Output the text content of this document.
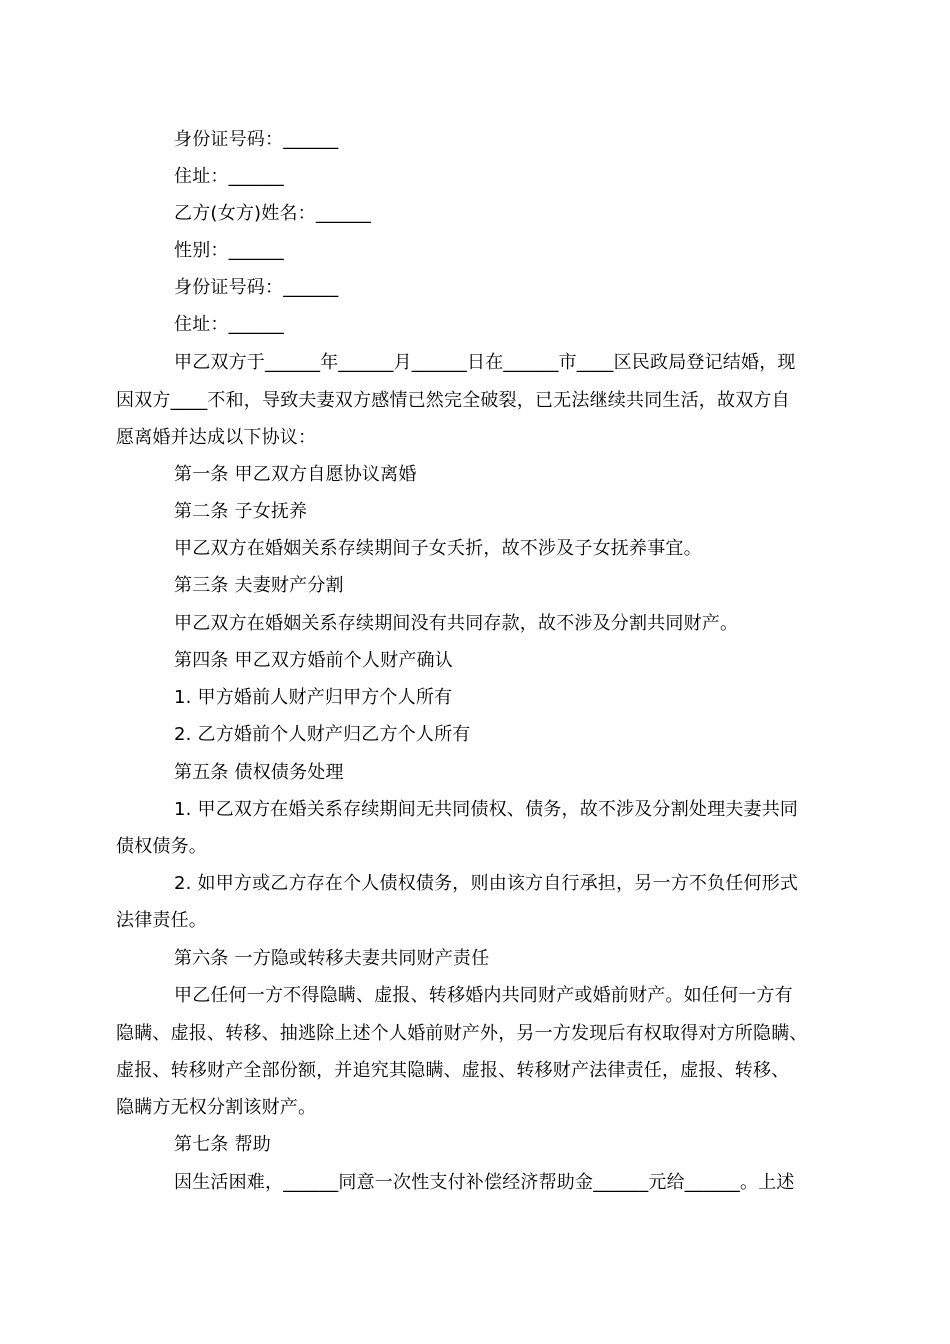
身份证号码：______
住址：______
乙方(女方)姓名：______
性别：______
身份证号码：______
住址：______
甲乙双方于______年______月______日在______市____区民政局登记结婚，现
因双方____不和，导致夫妻双方感情已然完全破裂，已无法继续共同生活，故双方自
愿离婚并达成以下协议：
第一条 甲乙双方自愿协议离婚
第二条 子女抚养
甲乙双方在婚姻关系存续期间子女夭折，故不涉及子女抚养事宜。
第三条 夫妻财产分割
甲乙双方在婚姻关系存续期间没有共同存款，故不涉及分割共同财产。
第四条 甲乙双方婚前个人财产确认
1. 甲方婚前人财产归甲方个人所有
2. 乙方婚前个人财产归乙方个人所有
第五条 债权债务处理
1. 甲乙双方在婚关系存续期间无共同债权、债务，故不涉及分割处理夫妻共同
债权债务。
2. 如甲方或乙方存在个人债权债务，则由该方自行承担，另一方不负任何形式
法律责任。
第六条 一方隐或转移夫妻共同财产责任
甲乙任何一方不得隐瞒、虚报、转移婚内共同财产或婚前财产。如任何一方有
隐瞒、虚报、转移、抽逃除上述个人婚前财产外，另一方发现后有权取得对方所隐瞒、
虚报、转移财产全部份额，并追究其隐瞒、虚报、转移财产法律责任，虚报、转移、
隐瞒方无权分割该财产。
第七条 帮助
因生活困难，______同意一次性支付补偿经济帮助金______元给______。上述
